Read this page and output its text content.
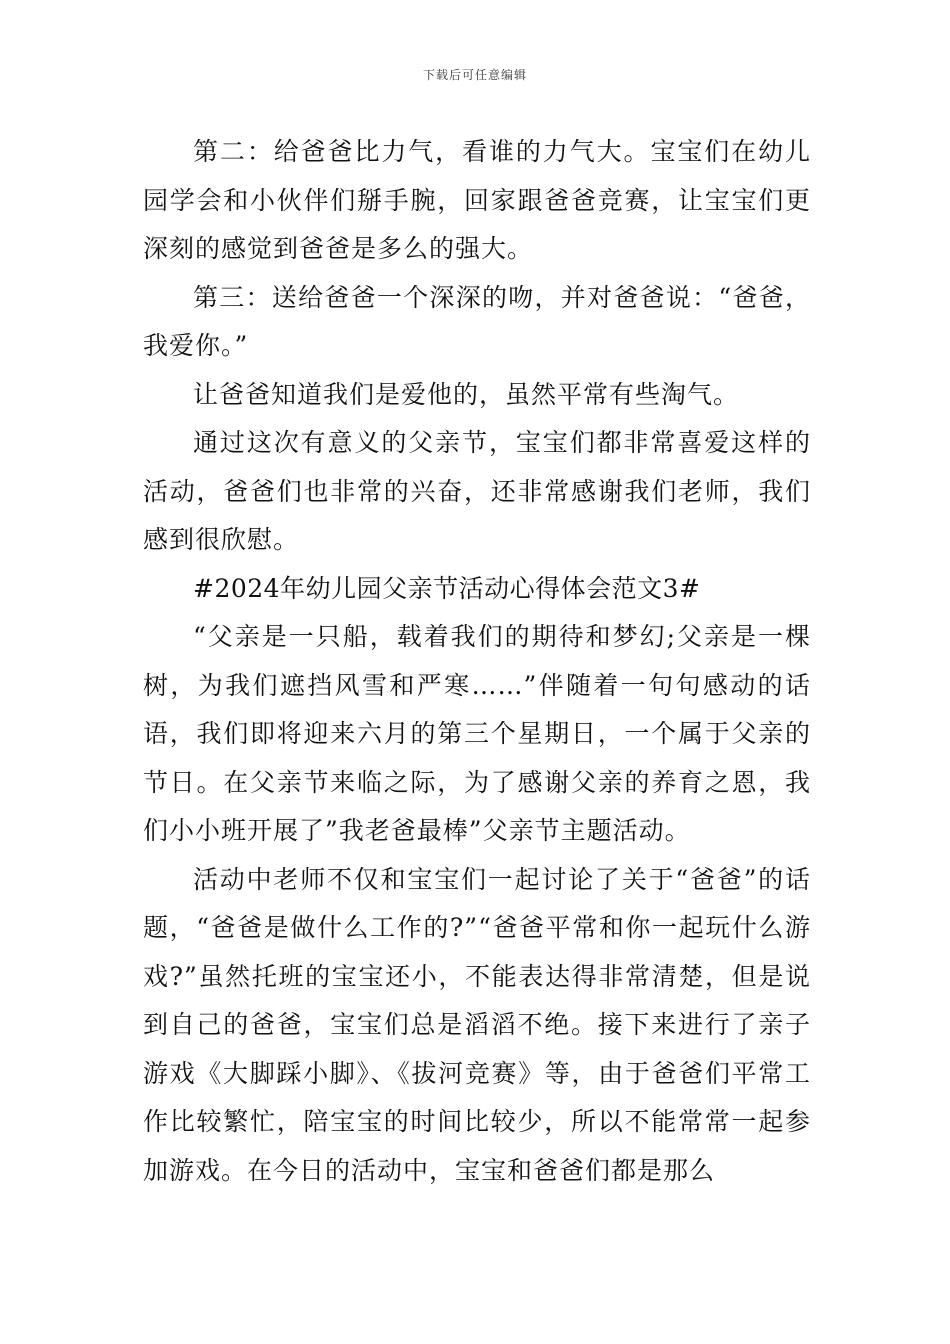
下载后可任意编辑

第二：给爸爸比力气，看谁的力气大。宝宝们在幼儿园学会和小伙伴们掰手腕，回家跟爸爸竞赛，让宝宝们更深刻的感觉到爸爸是多么的强大。

第三：送给爸爸一个深深的吻，并对爸爸说：“爸爸，我爱你。”

让爸爸知道我们是爱他的，虽然平常有些淘气。

通过这次有意义的父亲节，宝宝们都非常喜爱这样的活动，爸爸们也非常的兴奋，还非常感谢我们老师，我们感到很欣慰。

#2024年幼儿园父亲节活动心得体会范文3#

“父亲是一只船，载着我们的期待和梦幻;父亲是一棵树，为我们遮挡风雪和严寒……”伴随着一句句感动的话语，我们即将迎来六月的第三个星期日，一个属于父亲的节日。在父亲节来临之际，为了感谢父亲的养育之恩，我们小小班开展了”我老爸最棒”父亲节主题活动。

活动中老师不仅和宝宝们一起讨论了关于“爸爸”的话题，“爸爸是做什么工作的?”“爸爸平常和你一起玩什么游戏?”虽然托班的宝宝还小，不能表达得非常清楚，但是说到自己的爸爸，宝宝们总是滔滔不绝。接下来进行了亲子游戏《大脚踩小脚》、《拔河竞赛》等，由于爸爸们平常工作比较繁忙，陪宝宝的时间比较少，所以不能常常一起参加游戏。在今日的活动中，宝宝和爸爸们都是那么
